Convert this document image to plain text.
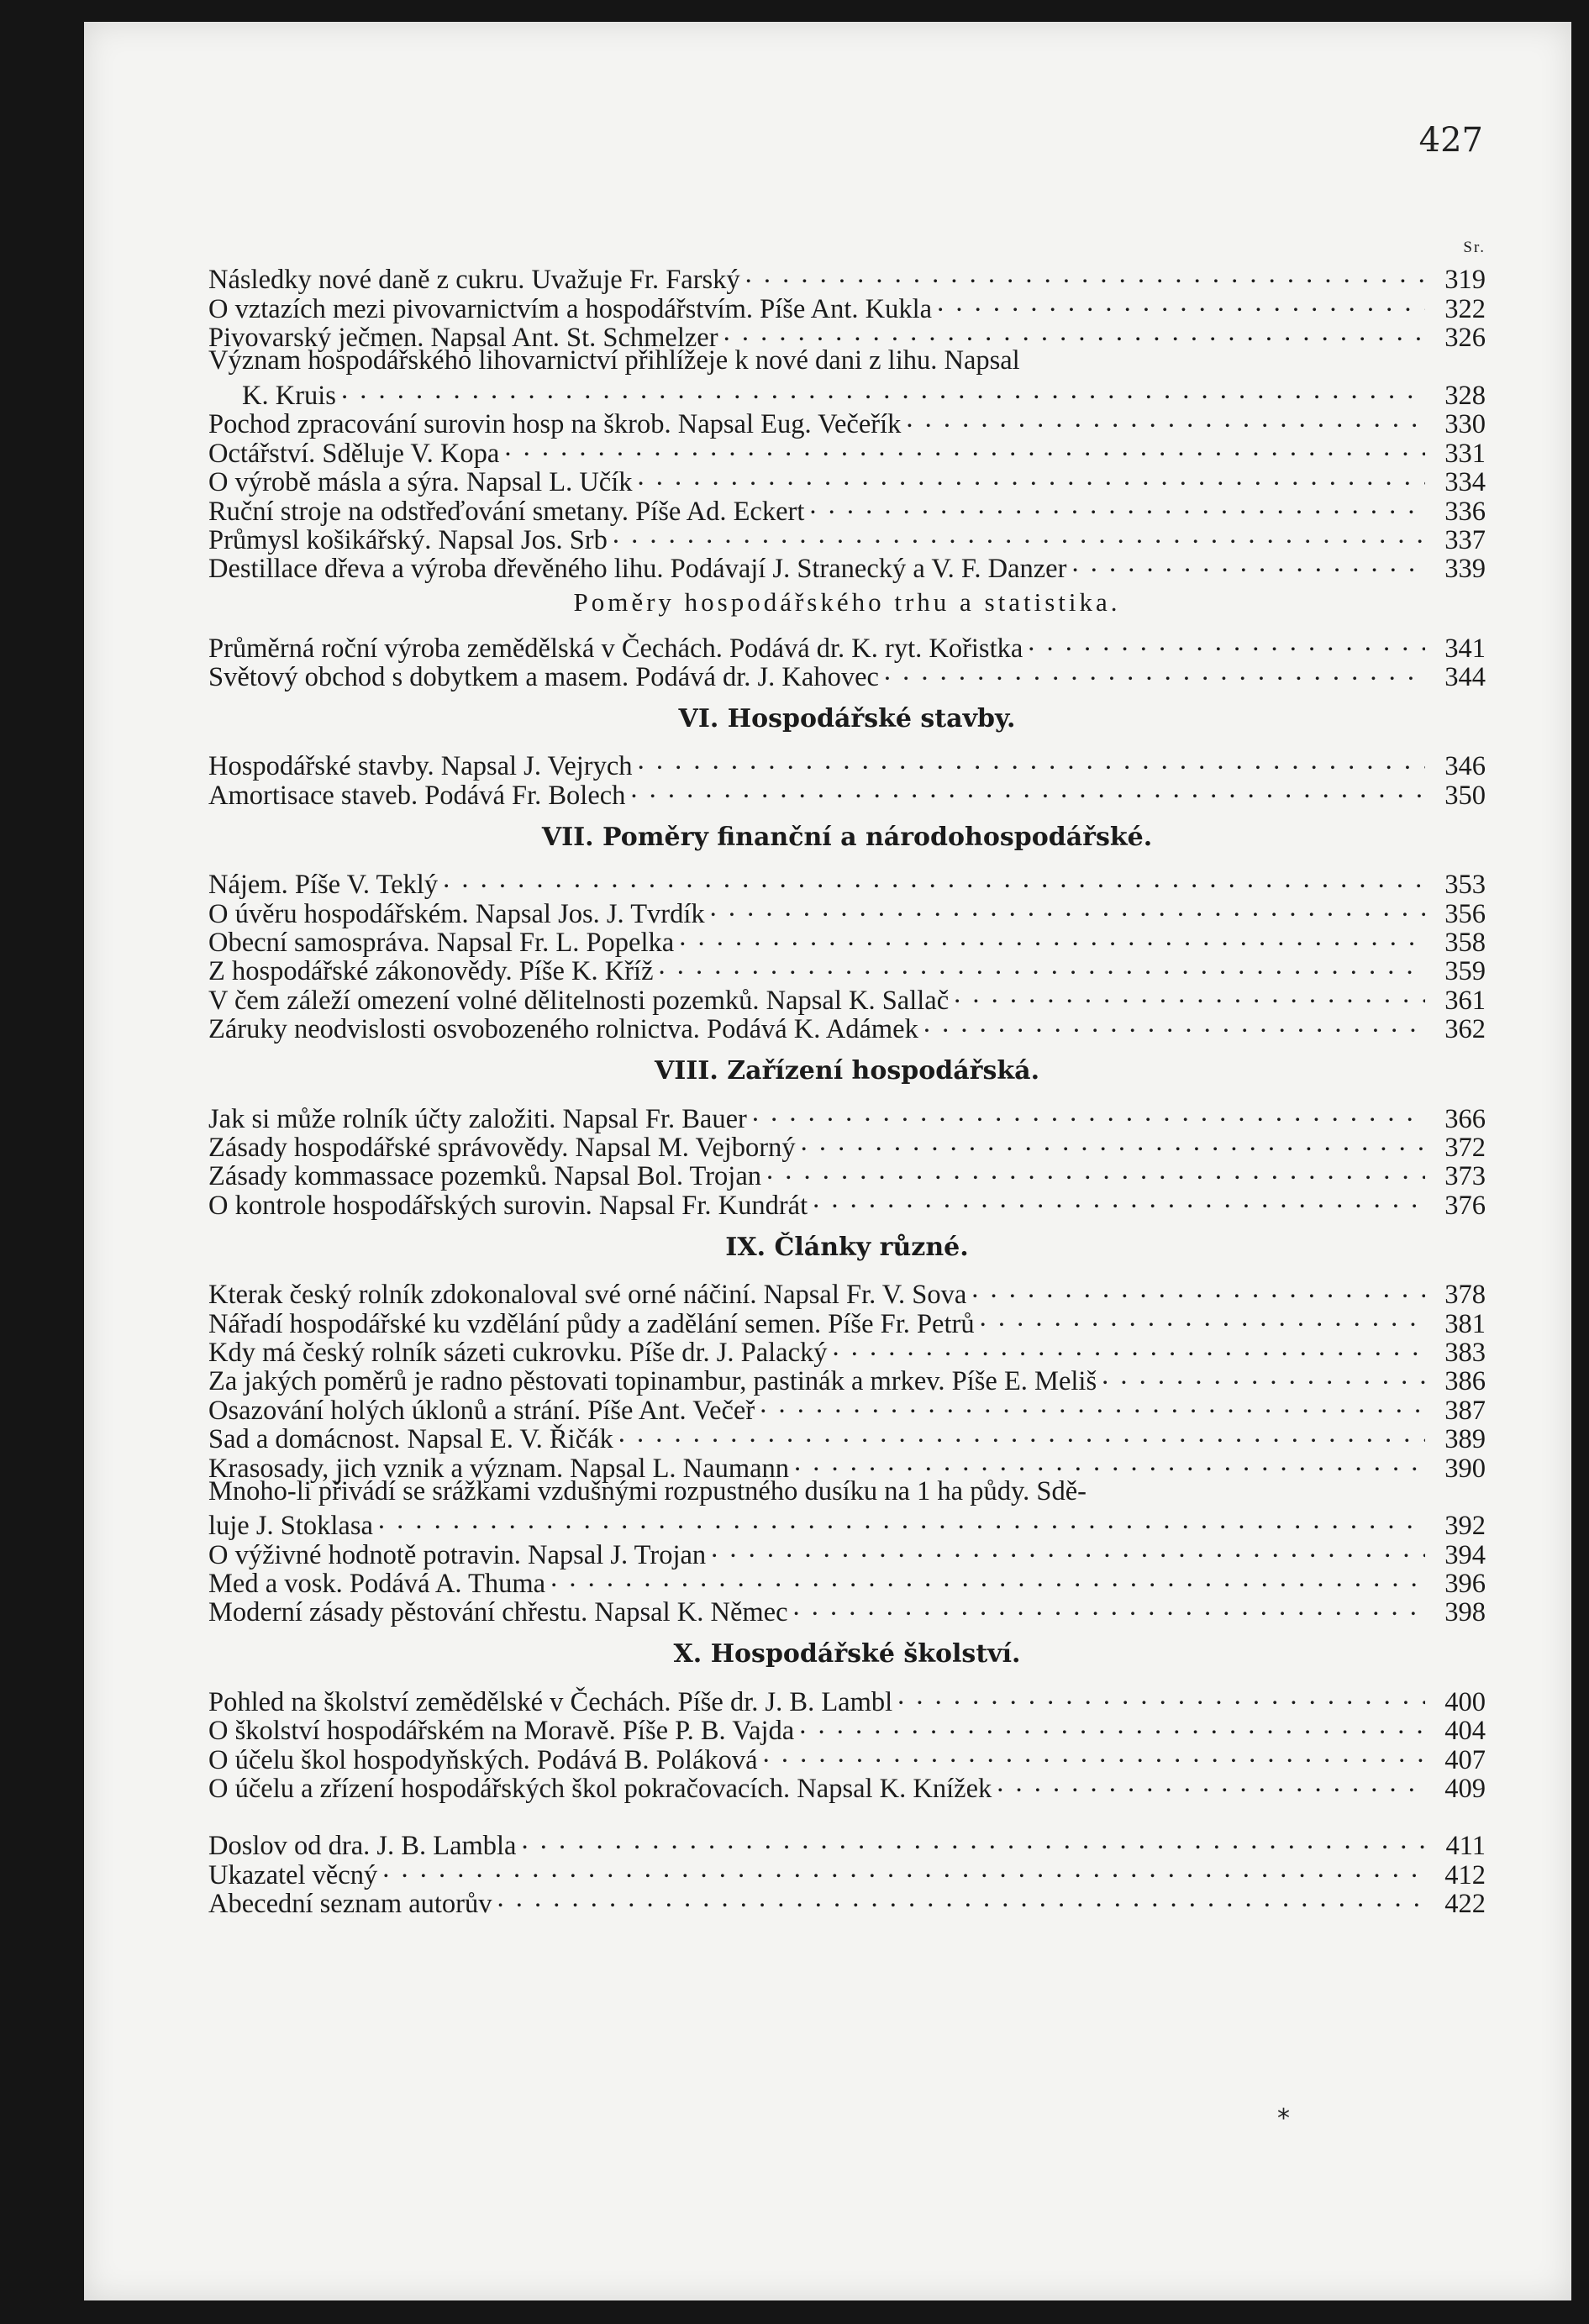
427
Sr.
Následky nové daně z cukru. Uvažuje Fr. Farský . . .	319
O vztazích mezi pivovarnictvím a hospodářstvím. Píše Ant. Kukla . . .	322
Pivovarský ječmen. Napsal Ant. St. Schmelzer . . .	326
Význam hospodářského lihovarnictví přihlížeje k nové dani z lihu. Napsal
K. Kruis . . .	328
Pochod zpracování surovin hosp na škrob. Napsal Eug. Večeřík . . .	330
Octářství. Sděluje V. Kopa . . .	331
O výrobě másla a sýra. Napsal L. Učík . . .	334
Ruční stroje na odstřeďování smetany. Píše Ad. Eckert . . .	336
Průmysl košikářský. Napsal Jos. Srb . . .	337
Destillace dřeva a výroba dřevěného lihu. Podávají J. Stranecký a V. F. Danzer . . .	339
Poměry hospodářského trhu a statistika.
Průměrná roční výroba zemědělská v Čechách. Podává dr. K. ryt. Kořistka . . .	341
Světový obchod s dobytkem a masem. Podává dr. J. Kahovec . . .	344
VI. Hospodářské stavby.
Hospodářské stavby. Napsal J. Vejrych . . .	346
Amortisace staveb. Podává Fr. Bolech . . .	350
VII. Poměry finanční a národohospodářské.
Nájem. Píše V. Teklý . . .	353
O úvěru hospodářském. Napsal Jos. J. Tvrdík . . .	356
Obecní samospráva. Napsal Fr. L. Popelka . . .	358
Z hospodářské zákonovědy. Píše K. Kříž . . .	359
V čem záleží omezení volné dělitelnosti pozemků. Napsal K. Sallač . . .	361
Záruky neodvislosti osvobozeného rolnictva. Podává K. Adámek . . .	362
VIII. Zařízení hospodářská.
Jak si může rolník účty založiti. Napsal Fr. Bauer . . .	366
Zásady hospodářské správovědy. Napsal M. Vejborný . . .	372
Zásady kommassace pozemků. Napsal Bol. Trojan . . .	373
O kontrole hospodářských surovin. Napsal Fr. Kundrát . . .	376
IX. Články různé.
Kterak český rolník zdokonaloval své orné náčiní. Napsal Fr. V. Sova . . .	378
Nářadí hospodářské ku vzdělání půdy a zadělání semen. Píše Fr. Petrů . . .	381
Kdy má český rolník sázeti cukrovku. Píše dr. J. Palacký . . .	383
Za jakých poměrů je radno pěstovati topinambur, pastinák a mrkev. Píše E. Meliš . . .	386
Osazování holých úklonů a strání. Píše Ant. Večeř . . .	387
Sad a domácnost. Napsal E. V. Řičák . . .	389
Krasosady, jich vznik a význam. Napsal L. Naumann . . .	390
Mnoho-li přivádí se srážkami vzdušnými rozpustného dusíku na 1 ha půdy. Sdě-
luje J. Stoklasa . . .	392
O výživné hodnotě potravin. Napsal J. Trojan . . .	394
Med a vosk. Podává A. Thuma . . .	396
Moderní zásady pěstování chřestu. Napsal K. Němec . . .	398
X. Hospodářské školství.
Pohled na školství zemědělské v Čechách. Píše dr. J. B. Lambl . . .	400
O školství hospodářském na Moravě. Píše P. B. Vajda . . .	404
O účelu škol hospodyňských. Podává B. Poláková . . .	407
O účelu a zřízení hospodářských škol pokračovacích. Napsal K. Knížek . . .	409
Doslov od dra. J. B. Lambla . . .	411
Ukazatel věcný . . .	412
Abecední seznam autorův . . .	422
*
